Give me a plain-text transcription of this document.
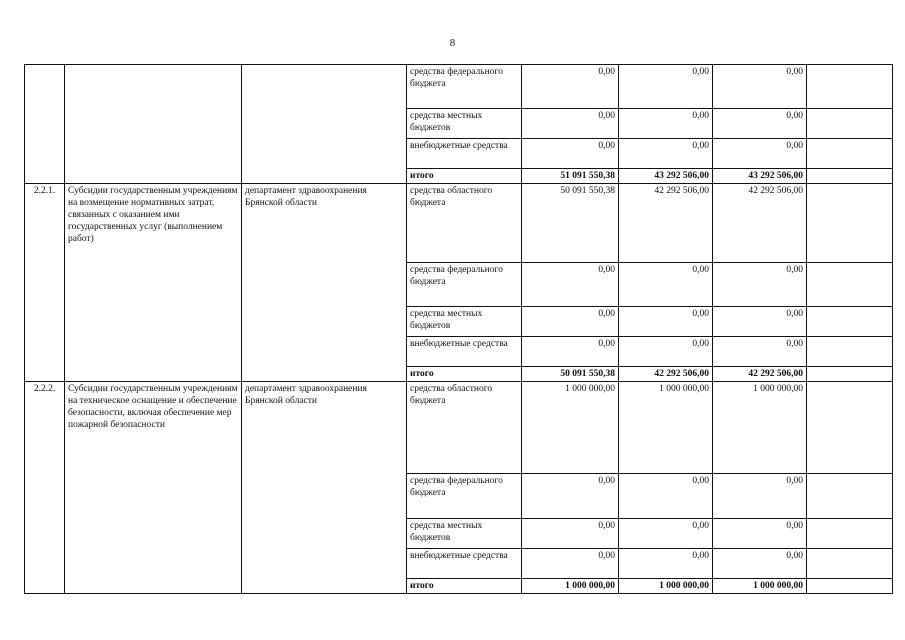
8
			средства федерального бюджета	0,00	0,00	0,00	
			средства местных бюджетов	0,00	0,00	0,00	
			внебюджетные средства	0,00	0,00	0,00	
			итого	51 091 550,38	43 292 506,00	43 292 506,00	
2.2.1.	Субсидии государственным учреждениям на возмещение нормативных затрат, связанных с оказанием ими государственных услуг (выполнением работ)	департамент здравоохранения Брянской области	средства областного бюджета	50 091 550,38	42 292 506,00	42 292 506,00	
			средства федерального бюджета	0,00	0,00	0,00	
			средства местных бюджетов	0,00	0,00	0,00	
			внебюджетные средства	0,00	0,00	0,00	
			итого	50 091 550,38	42 292 506,00	42 292 506,00	
2.2.2.	Субсидии государственным учреждениям на техническое оснащение и обеспечение безопасности, включая обеспечение мер пожарной безопасности	департамент здравоохранения Брянской области	средства областного бюджета	1 000 000,00	1 000 000,00	1 000 000,00	
			средства федерального бюджета	0,00	0,00	0,00	
			средства местных бюджетов	0,00	0,00	0,00	
			внебюджетные средства	0,00	0,00	0,00	
			итого	1 000 000,00	1 000 000,00	1 000 000,00	
